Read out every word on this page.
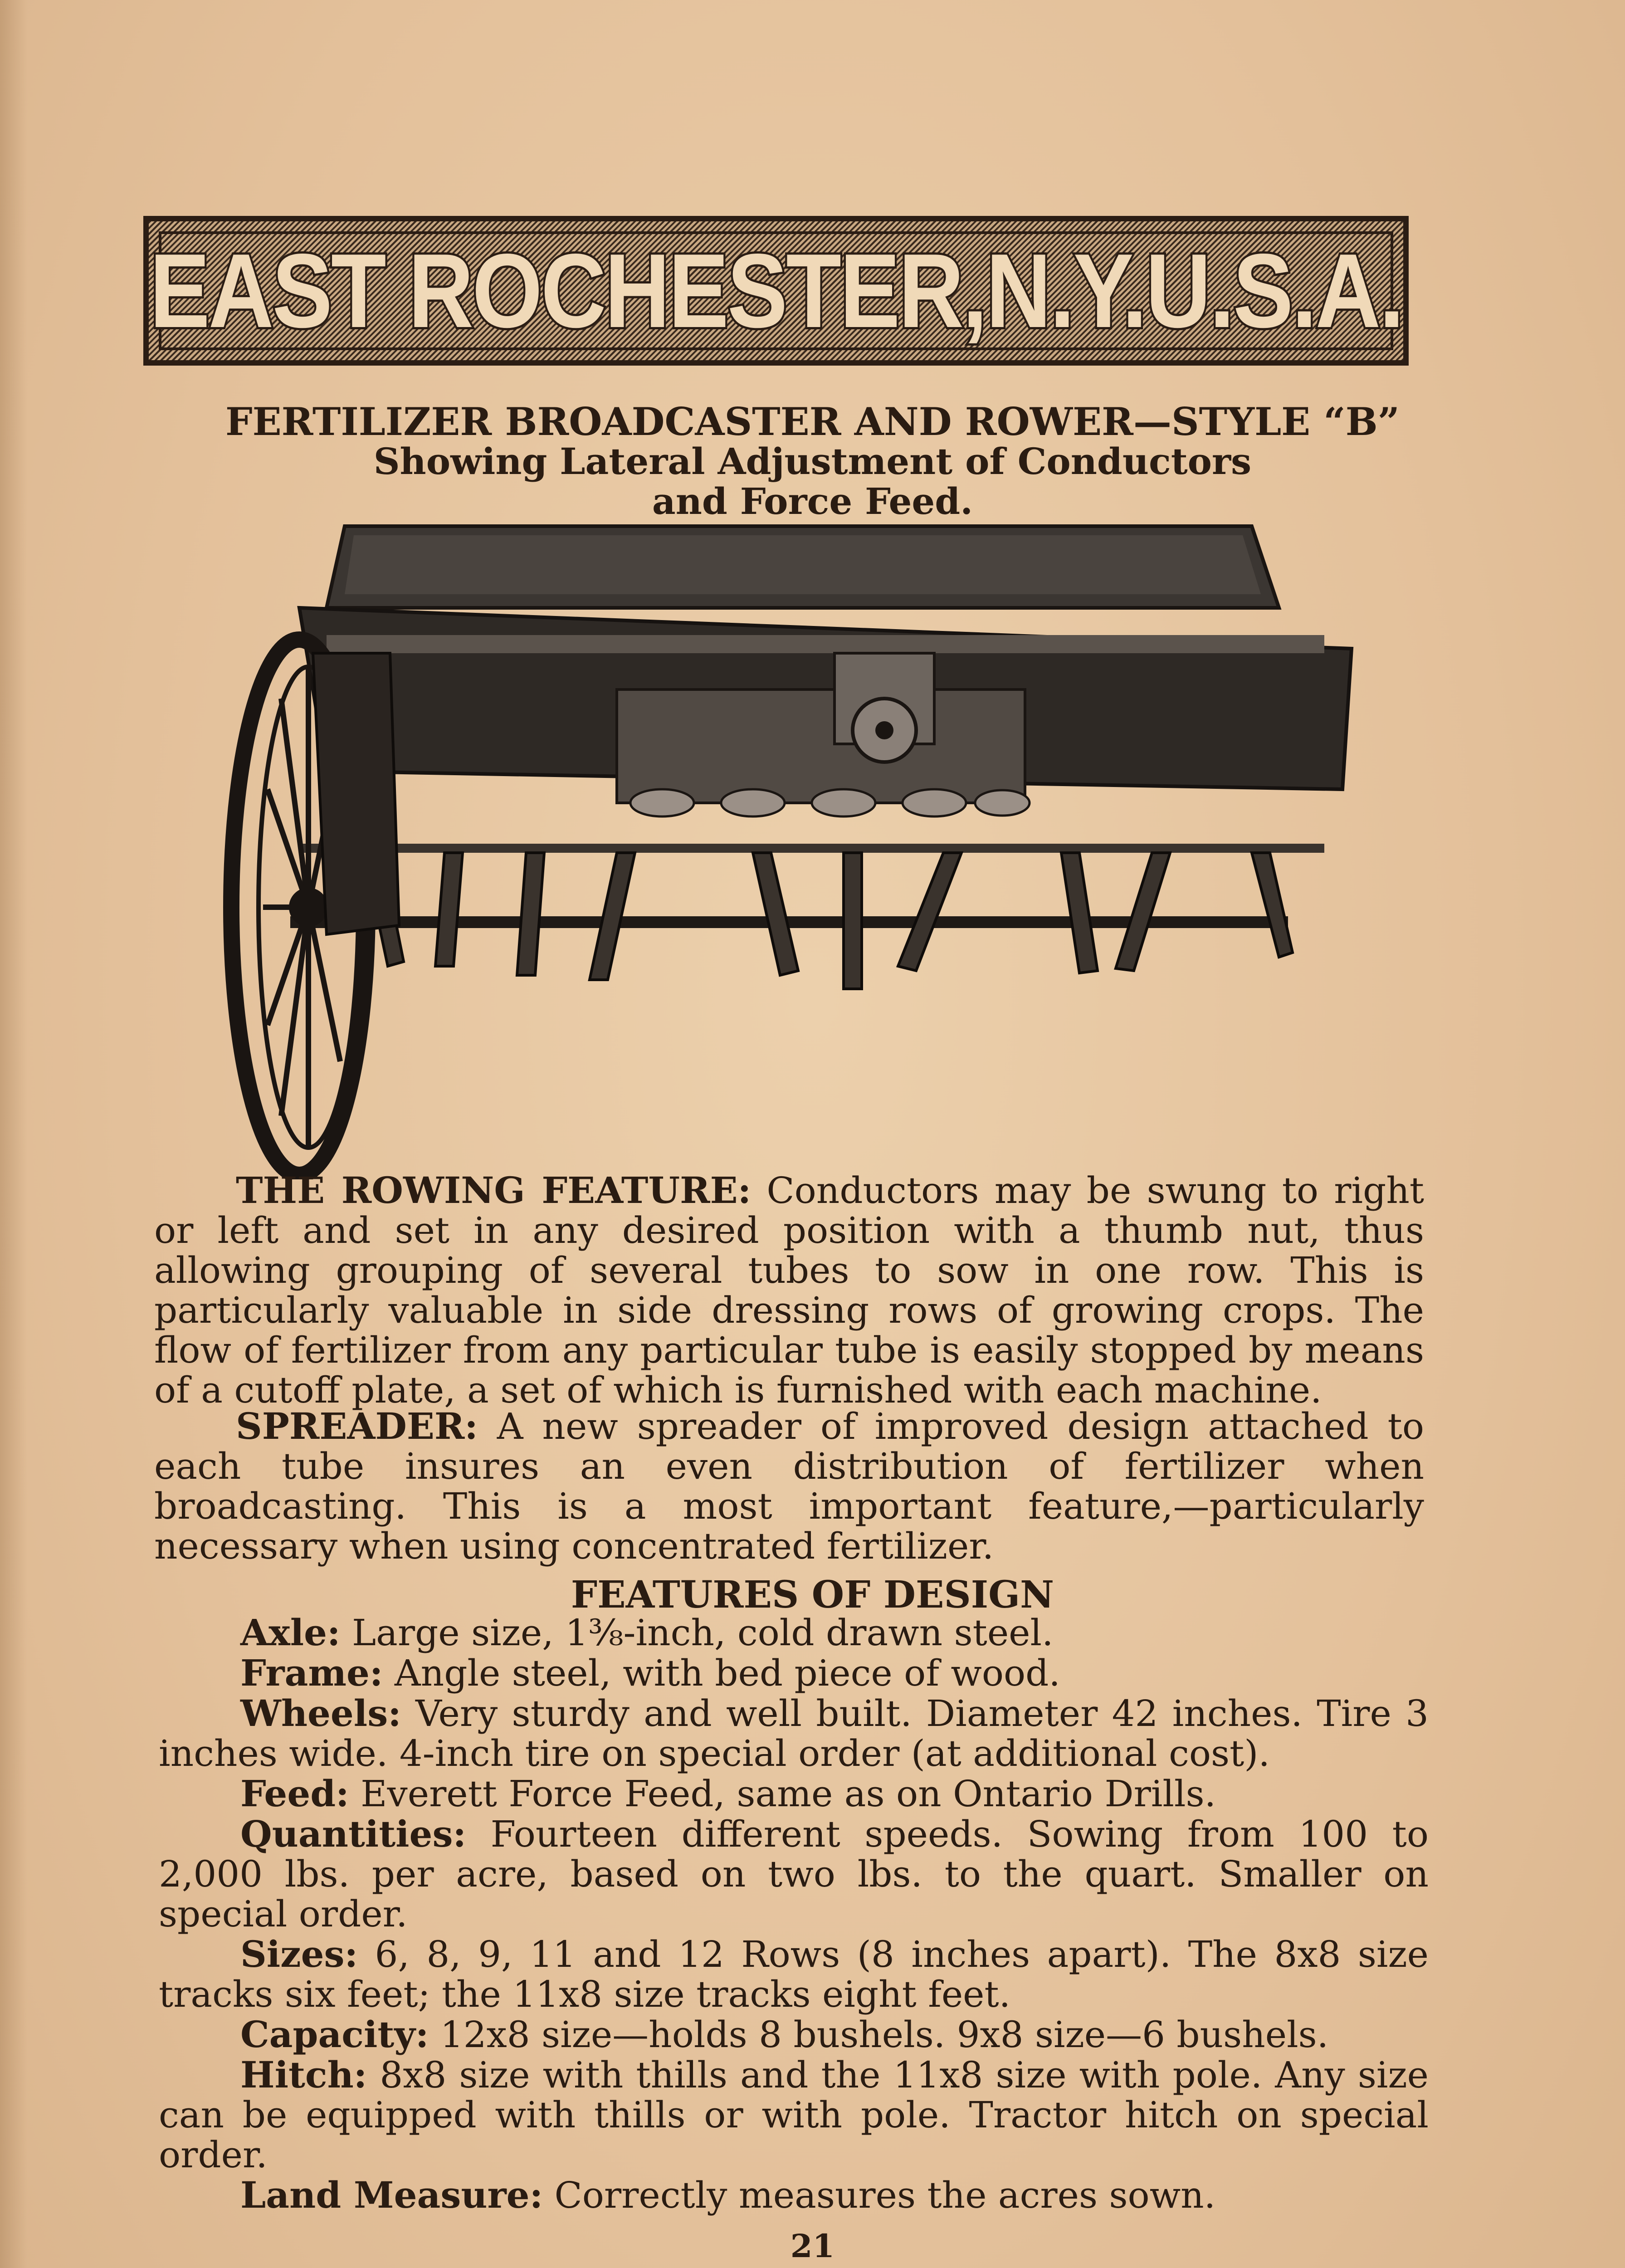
EAST ROCHESTER,N.Y.U.S.A.
FERTILIZER BROADCASTER AND ROWER—STYLE “B”
Showing Lateral Adjustment of Conductors
and Force Feed.
THE ROWING FEATURE: Conductors may be swung to right or left and set in any desired position with a thumb nut, thus allowing grouping of several tubes to sow in one row. This is particularly valuable in side dressing rows of growing crops. The flow of fertilizer from any particular tube is easily stopped by means of a cutoff plate, a set of which is furnished with each machine.
SPREADER: A new spreader of improved design attached to each tube insures an even distribution of fertilizer when broadcasting. This is a most important feature,—particularly necessary when using concentrated fertilizer.
FEATURES OF DESIGN

Axle: Large size, 1⅜-inch, cold drawn steel.

Frame: Angle steel, with bed piece of wood.

Wheels: Very sturdy and well built. Diameter 42 inches. Tire 3 inches wide. 4-inch tire on special order (at additional cost).

Feed: Everett Force Feed, same as on Ontario Drills.

Quantities: Fourteen different speeds. Sowing from 100 to 2,000 lbs. per acre, based on two lbs. to the quart. Smaller on special order.

Sizes: 6, 8, 9, 11 and 12 Rows (8 inches apart). The 8x8 size tracks six feet; the 11x8 size tracks eight feet.

Capacity: 12x8 size—holds 8 bushels. 9x8 size—6 bushels.

Hitch: 8x8 size with thills and the 11x8 size with pole. Any size can be equipped with thills or with pole. Tractor hitch on special order.

Land Measure: Correctly measures the acres sown.

21
